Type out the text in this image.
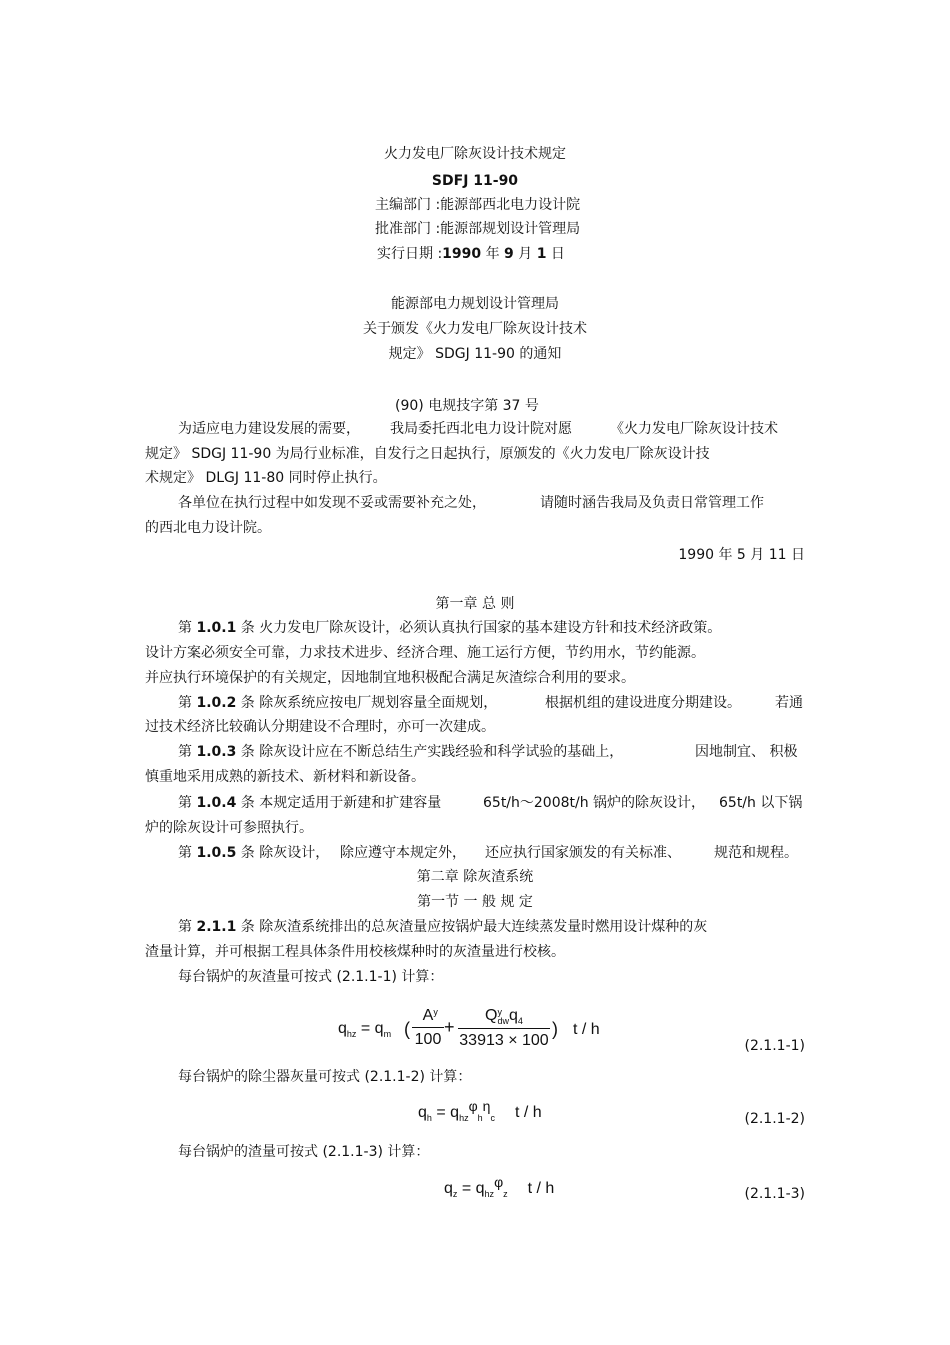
火力发电厂除灰设计技术规定
SDFJ 11-90
主编部门 :能源部西北电力设计院
批准部门 :能源部规划设计管理局
实行日期 :1990 年 9 月 1 日
能源部电力规划设计管理局
关于颁发《火力发电厂除灰设计技术
规定》 SDGJ 11-90 的通知
(90) 电规技字第 37 号
为适应电力建设发展的需要， 我局委托西北电力设计院对愿	《火力发电厂除灰设计技术
规定》 SDGJ 11-90 为局行业标准，自发行之日起执行，原颁发的《火力发电厂除灰设计技
术规定》 DLGJ 11-80 同时停止执行。
各单位在执行过程中如发现不妥或需要补充之处，	请随时涵告我局及负责日常管理工作
的西北电力设计院。
1990 年 5 月 11 日
第一章 总 则
第 1.0.1 条 火力发电厂除灰设计，必须认真执行国家的基本建设方针和技术经济政策。
设计方案必须安全可靠，力求技术进步、经济合理、施工运行方便，节约用水，节约能源。
并应执行环境保护的有关规定，因地制宜地积极配合满足灰渣综合利用的要求。
第 1.0.2 条 除灰系统应按电厂规划容量全面规划，	根据机组的建设进度分期建设。 若通
过技术经济比较确认分期建设不合理时，亦可一次建成。
第 1.0.3 条 除灰设计应在不断总结生产实践经验和科学试验的基础上，	因地制宜、 积极
慎重地采用成熟的新技术、新材料和新设备。
第 1.0.4 条 本规定适用于新建和扩建容量	65t/h～2008t/h 锅炉的除灰设计， 65t/h 以下锅
炉的除灰设计可参照执行。
第 1.0.5 条 除灰设计， 除应遵守本规定外， 还应执行国家颁发的有关标准、 规范和规程。
第二章 除灰渣系统
第一节 一 般 规 定
第 2.1.1 条 除灰渣系统排出的总灰渣量应按锅炉最大连续蒸发量时燃用设计煤种的灰
渣量计算，并可根据工程具体条件用校核煤种时的灰渣量进行校核。
每台锅炉的灰渣量可按式 (2.1.1-1) 计算：
$q_{hz} = q_m$ ( $\frac{\text{A y}}{100}$ +
Q y
$_{dw}q_4$
33913 × 100
) t / h
(2.1.1-1)
每台锅炉的除尘器灰量可按式 (2.1.1-2) 计算：
$q_h = q_{hz}\varphi_h\eta_c$ t / h	(2.1.1-2)
每台锅炉的渣量可按式 (2.1.1-3) 计算：
$q_z = q_{hz}\varphi_z$ t / h	(2.1.1-3)
